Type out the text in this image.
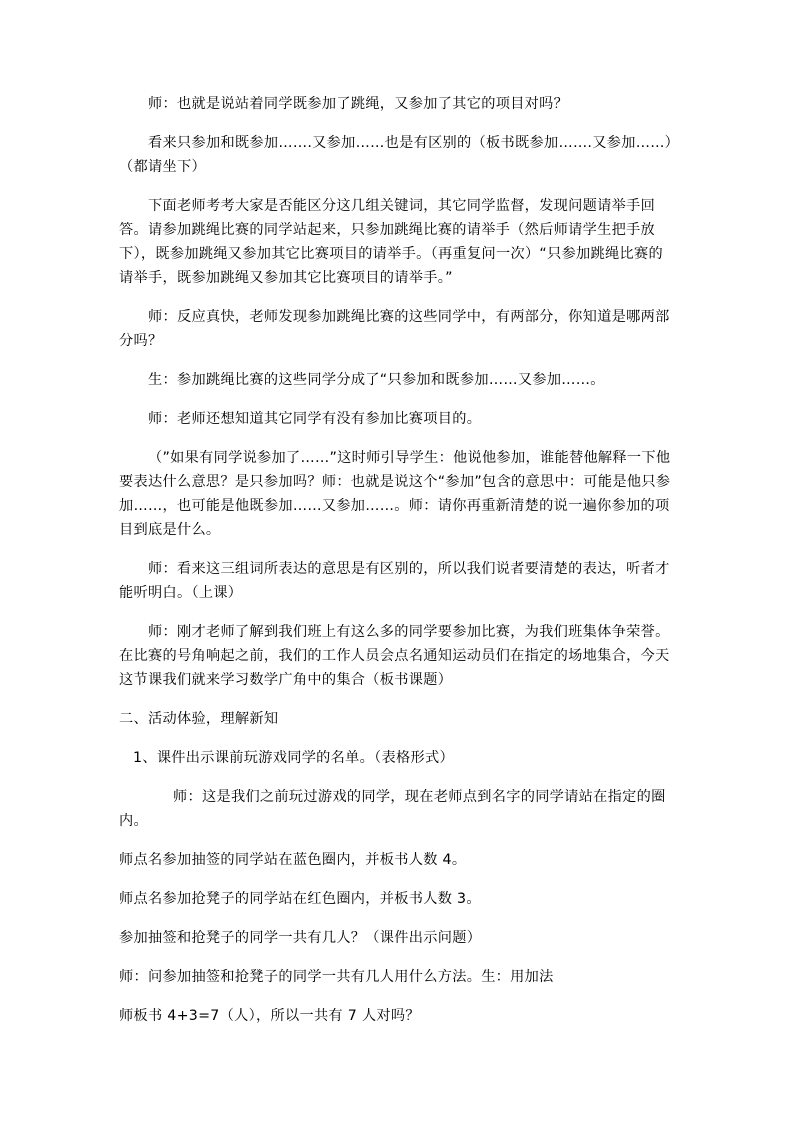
师：也就是说站着同学既参加了跳绳，又参加了其它的项目对吗？

看来只参加和既参加…….又参加……也是有区别的（板书既参加…….又参加……）（都请坐下）

下面老师考考大家是否能区分这几组关键词，其它同学监督，发现问题请举手回答。请参加跳绳比赛的同学站起来，只参加跳绳比赛的请举手（然后师请学生把手放下），既参加跳绳又参加其它比赛项目的请举手。（再重复问一次）“只参加跳绳比赛的请举手，既参加跳绳又参加其它比赛项目的请举手。”

师：反应真快，老师发现参加跳绳比赛的这些同学中，有两部分，你知道是哪两部分吗？

生：参加跳绳比赛的这些同学分成了“只参加和既参加……又参加……。

师：老师还想知道其它同学有没有参加比赛项目的。

（”如果有同学说参加了……”这时师引导学生：他说他参加，谁能替他解释一下他要表达什么意思？是只参加吗？师：也就是说这个“参加”包含的意思中：可能是他只参加……，也可能是他既参加……又参加……。师：请你再重新清楚的说一遍你参加的项目到底是什么。

师：看来这三组词所表达的意思是有区别的，所以我们说者要清楚的表达，听者才能听明白。（上课）

师：刚才老师了解到我们班上有这么多的同学要参加比赛，为我们班集体争荣誉。在比赛的号角响起之前，我们的工作人员会点名通知运动员们在指定的场地集合，今天这节课我们就来学习数学广角中的集合（板书课题）

二、活动体验，理解新知

1、课件出示课前玩游戏同学的名单。（表格形式）

师：这是我们之前玩过游戏的同学，现在老师点到名字的同学请站在指定的圈内。

师点名参加抽签的同学站在蓝色圈内，并板书人数 4。

师点名参加抢凳子的同学站在红色圈内，并板书人数 3。

参加抽签和抢凳子的同学一共有几人？（课件出示问题）

师：问参加抽签和抢凳子的同学一共有几人用什么方法。生：用加法

师板书 4+3=7（人），所以一共有 7 人对吗？
